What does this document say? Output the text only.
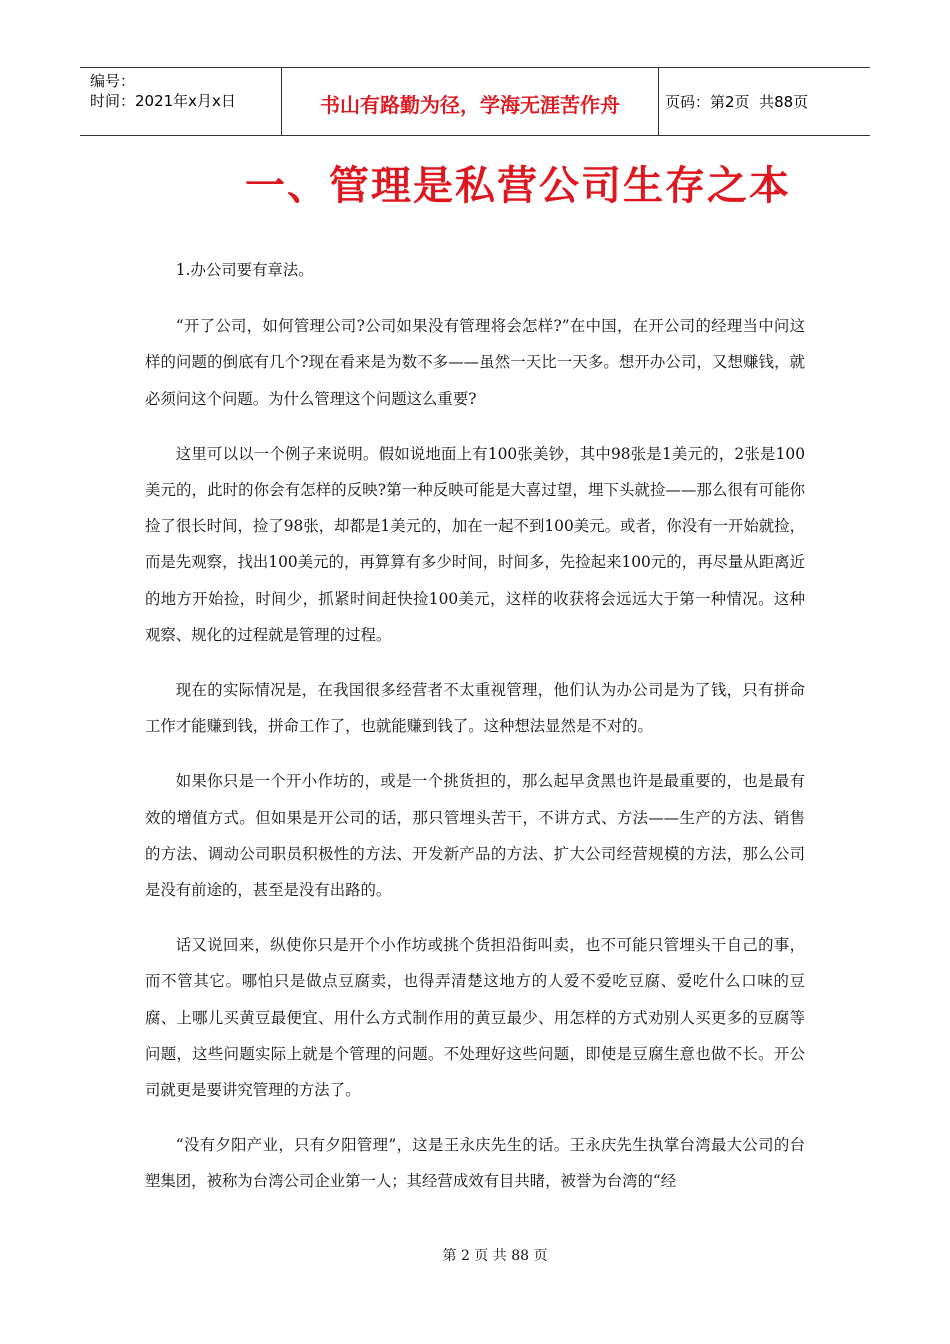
编号：
时间：2021年x月x日	书山有路勤为径，学海无涯苦作舟	页码：第2页  共88页
一、管理是私营公司生存之本

1.办公司要有章法。

“开了公司，如何管理公司?公司如果没有管理将会怎样?”在中国，在开公司的经理当中问这样的问题的倒底有几个?现在看来是为数不多——虽然一天比一天多。想开办公司，又想赚钱，就必须问这个问题。为什么管理这个问题这么重要?

这里可以以一个例子来说明。假如说地面上有100张美钞，其中98张是1美元的，2张是100美元的，此时的你会有怎样的反映?第一种反映可能是大喜过望，埋下头就捡——那么很有可能你捡了很长时间，捡了98张，却都是1美元的，加在一起不到100美元。或者，你没有一开始就捡，而是先观察，找出100美元的，再算算有多少时间，时间多，先捡起来100元的，再尽量从距离近的地方开始捡，时间少，抓紧时间赶快捡100美元，这样的收获将会远远大于第一种情况。这种观察、规化的过程就是管理的过程。

现在的实际情况是，在我国很多经营者不太重视管理，他们认为办公司是为了钱，只有拼命工作才能赚到钱，拼命工作了，也就能赚到钱了。这种想法显然是不对的。

如果你只是一个开小作坊的，或是一个挑货担的，那么起早贪黑也许是最重要的，也是最有效的增值方式。但如果是开公司的话，那只管埋头苦干，不讲方式、方法——生产的方法、销售的方法、调动公司职员积极性的方法、开发新产品的方法、扩大公司经营规模的方法，那么公司是没有前途的，甚至是没有出路的。

话又说回来，纵使你只是开个小作坊或挑个货担沿街叫卖，也不可能只管埋头干自己的事，而不管其它。哪怕只是做点豆腐卖，也得弄清楚这地方的人爱不爱吃豆腐、爱吃什么口味的豆腐、上哪儿买黄豆最便宜、用什么方式制作用的黄豆最少、用怎样的方式劝别人买更多的豆腐等问题，这些问题实际上就是个管理的问题。不处理好这些问题，即使是豆腐生意也做不长。开公司就更是要讲究管理的方法了。

“没有夕阳产业，只有夕阳管理”，这是王永庆先生的话。王永庆先生执掌台湾最大公司的台塑集团，被称为台湾公司企业第一人；其经营成效有目共睹，被誉为台湾的“经

第 2 页 共 88 页
